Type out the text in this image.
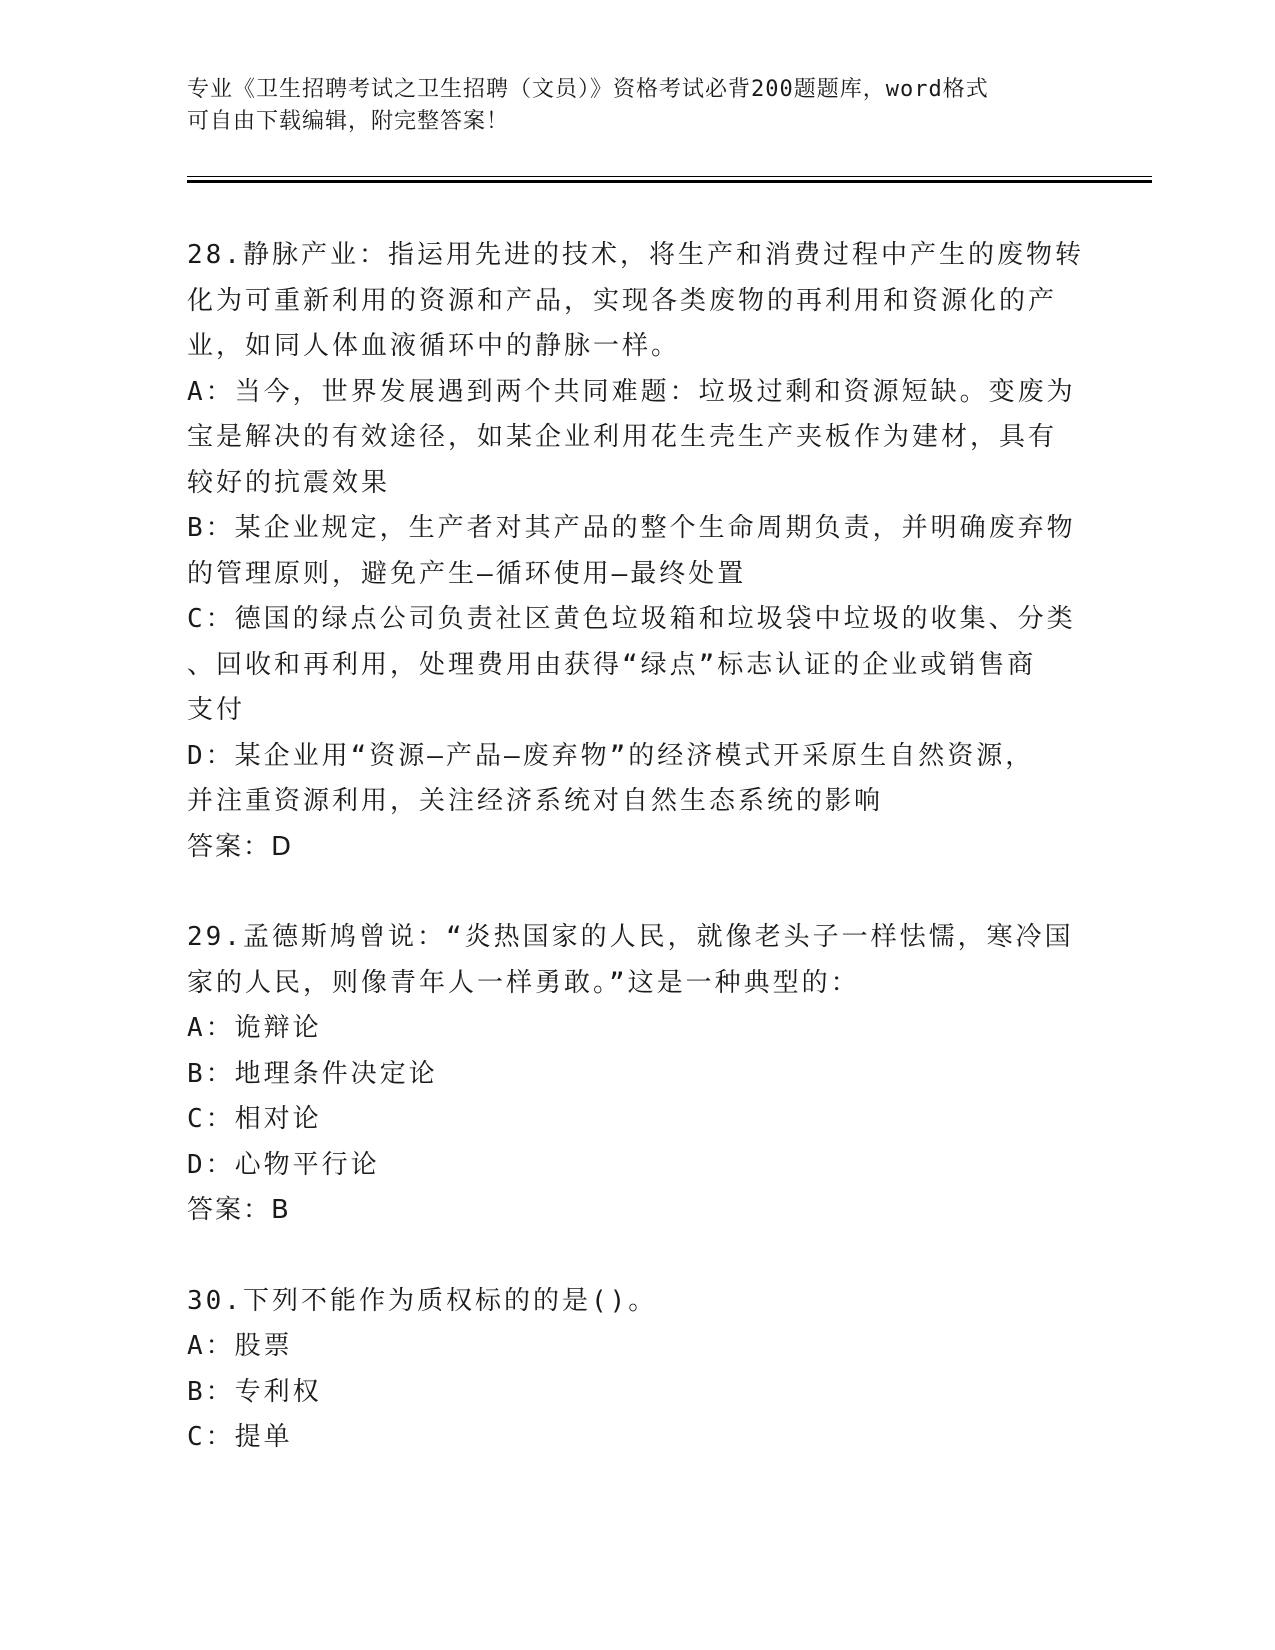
专业《卫生招聘考试之卫生招聘（文员）》资格考试必背200题题库，word格式
可自由下载编辑，附完整答案！
28.静脉产业：指运用先进的技术，将生产和消费过程中产生的废物转
化为可重新利用的资源和产品，实现各类废物的再利用和资源化的产
业，如同人体血液循环中的静脉一样。
A：当今，世界发展遇到两个共同难题：垃圾过剩和资源短缺。变废为
宝是解决的有效途径，如某企业利用花生壳生产夹板作为建材，具有
较好的抗震效果
B：某企业规定，生产者对其产品的整个生命周期负责，并明确废弃物
的管理原则，避免产生—循环使用—最终处置
C：德国的绿点公司负责社区黄色垃圾箱和垃圾袋中垃圾的收集、分类
、回收和再利用，处理费用由获得“绿点”标志认证的企业或销售商
支付
D：某企业用“资源—产品—废弃物”的经济模式开采原生自然资源，
并注重资源利用，关注经济系统对自然生态系统的影响
答案：D
29.孟德斯鸠曾说：“炎热国家的人民，就像老头子一样怯懦，寒冷国
家的人民，则像青年人一样勇敢。”这是一种典型的：
A：诡辩论
B：地理条件决定论
C：相对论
D：心物平行论
答案：B
30.下列不能作为质权标的的是()。
A：股票
B：专利权
C：提单
